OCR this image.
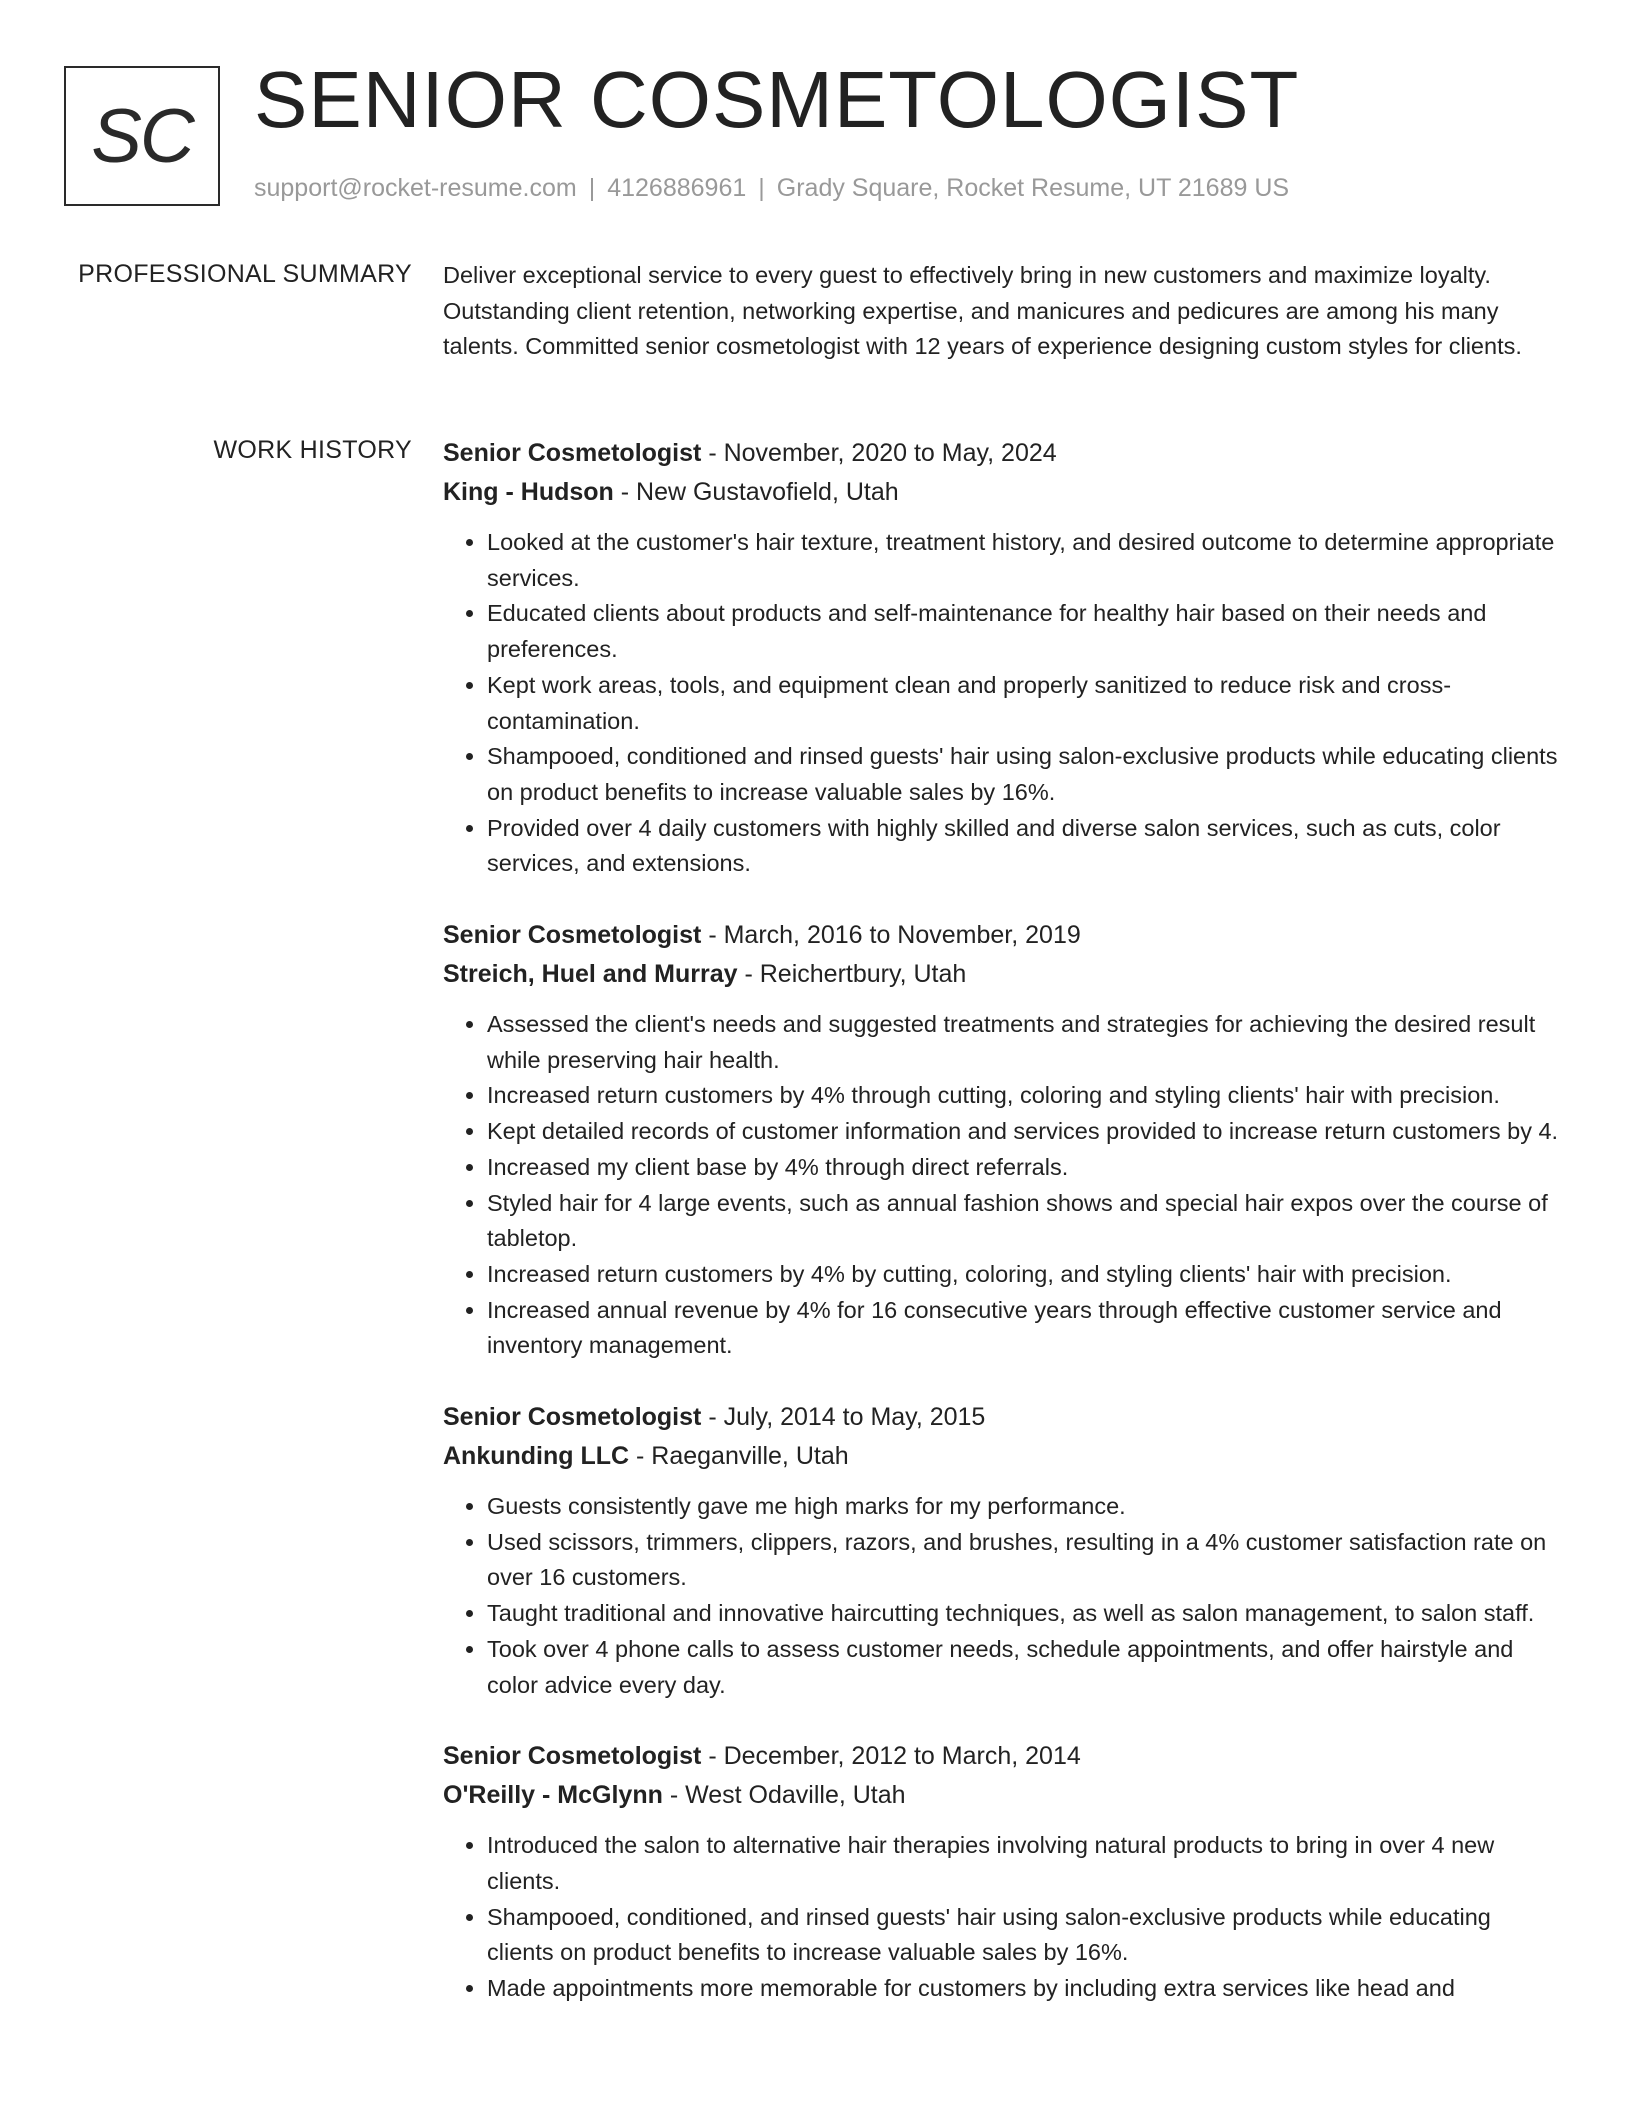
SC SENIOR COSMETOLOGIST
support@rocket-resume.com | 4126886961 | Grady Square, Rocket Resume, UT 21689 US
PROFESSIONAL SUMMARY Deliver exceptional service to every guest to effectively bring in new customers and maximize loyalty. Outstanding client retention, networking expertise, and manicures and pedicures are among his many talents. Committed senior cosmetologist with 12 years of experience designing custom styles for clients.

WORK HISTORY Senior Cosmetologist - November, 2020 to May, 2024
King - Hudson - New Gustavofield, Utah
• Looked at the customer's hair texture, treatment history, and desired outcome to determine appropriate services.
• Educated clients about products and self-maintenance for healthy hair based on their needs and preferences.
• Kept work areas, tools, and equipment clean and properly sanitized to reduce risk and cross-contamination.
• Shampooed, conditioned and rinsed guests' hair using salon-exclusive products while educating clients on product benefits to increase valuable sales by 16%.
• Provided over 4 daily customers with highly skilled and diverse salon services, such as cuts, color services, and extensions.
Senior Cosmetologist - March, 2016 to November, 2019
Streich, Huel and Murray - Reichertbury, Utah
• Assessed the client's needs and suggested treatments and strategies for achieving the desired result while preserving hair health.
• Increased return customers by 4% through cutting, coloring and styling clients' hair with precision.
• Kept detailed records of customer information and services provided to increase return customers by 4.
• Increased my client base by 4% through direct referrals.
• Styled hair for 4 large events, such as annual fashion shows and special hair expos over the course of tabletop.
• Increased return customers by 4% by cutting, coloring, and styling clients' hair with precision.
• Increased annual revenue by 4% for 16 consecutive years through effective customer service and inventory management.
Senior Cosmetologist - July, 2014 to May, 2015
Ankunding LLC - Raeganville, Utah
• Guests consistently gave me high marks for my performance.
• Used scissors, trimmers, clippers, razors, and brushes, resulting in a 4% customer satisfaction rate on over 16 customers.
• Taught traditional and innovative haircutting techniques, as well as salon management, to salon staff.
• Took over 4 phone calls to assess customer needs, schedule appointments, and offer hairstyle and color advice every day.
Senior Cosmetologist - December, 2012 to March, 2014
O'Reilly - McGlynn - West Odaville, Utah
• Introduced the salon to alternative hair therapies involving natural products to bring in over 4 new clients.
• Shampooed, conditioned, and rinsed guests' hair using salon-exclusive products while educating clients on product benefits to increase valuable sales by 16%.
• Made appointments more memorable for customers by including extra services like head and
